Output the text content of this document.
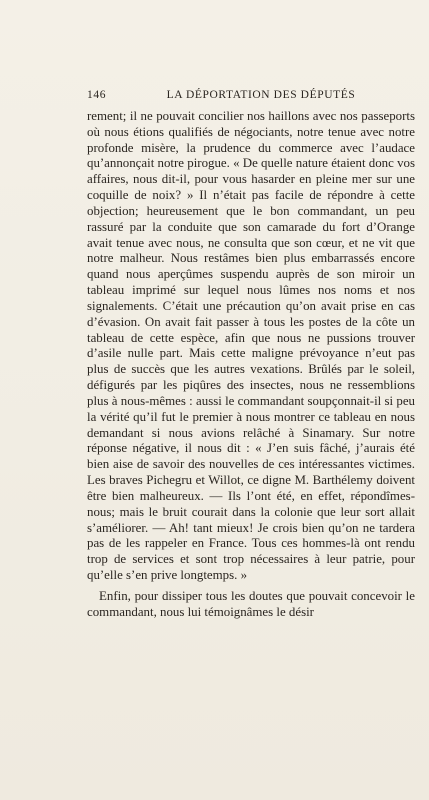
146	LA DÉPORTATION DES DÉPUTÉS

rement; il ne pouvait concilier nos haillons avec nos passeports où nous étions qualifiés de négociants, notre tenue avec notre profonde misère, la prudence du commerce avec l’audace qu’annonçait notre pirogue. « De quelle nature étaient donc vos affaires, nous dit-il, pour vous hasarder en pleine mer sur une coquille de noix? » Il n’était pas facile de répondre à cette objection; heureusement que le bon commandant, un peu rassuré par la conduite que son camarade du fort d’Orange avait tenue avec nous, ne consulta que son cœur, et ne vit que notre malheur. Nous restâmes bien plus embarrassés encore quand nous aperçûmes suspendu auprès de son miroir un tableau imprimé sur lequel nous lûmes nos noms et nos signalements. C’était une précaution qu’on avait prise en cas d’évasion. On avait fait passer à tous les postes de la côte un tableau de cette espèce, afin que nous ne pussions trouver d’asile nulle part. Mais cette maligne prévoyance n’eut pas plus de succès que les autres vexations. Brûlés par le soleil, défigurés par les piqûres des insectes, nous ne ressemblions plus à nous-mêmes : aussi le commandant soupçonnait-il si peu la vérité qu’il fut le premier à nous montrer ce tableau en nous demandant si nous avions relâché à Sinamary. Sur notre réponse négative, il nous dit : « J’en suis fâché, j’aurais été bien aise de savoir des nouvelles de ces intéressantes victimes. Les braves Pichegru et Willot, ce digne M. Barthélemy doivent être bien malheureux. — Ils l’ont été, en effet, répondîmes-nous; mais le bruit courait dans la colonie que leur sort allait s’améliorer. — Ah! tant mieux! Je crois bien qu’on ne tardera pas de les rappeler en France. Tous ces hommes-là ont rendu trop de services et sont trop nécessaires à leur patrie, pour qu’elle s’en prive longtemps. »

Enfin, pour dissiper tous les doutes que pouvait concevoir le commandant, nous lui témoignâmes le désir
